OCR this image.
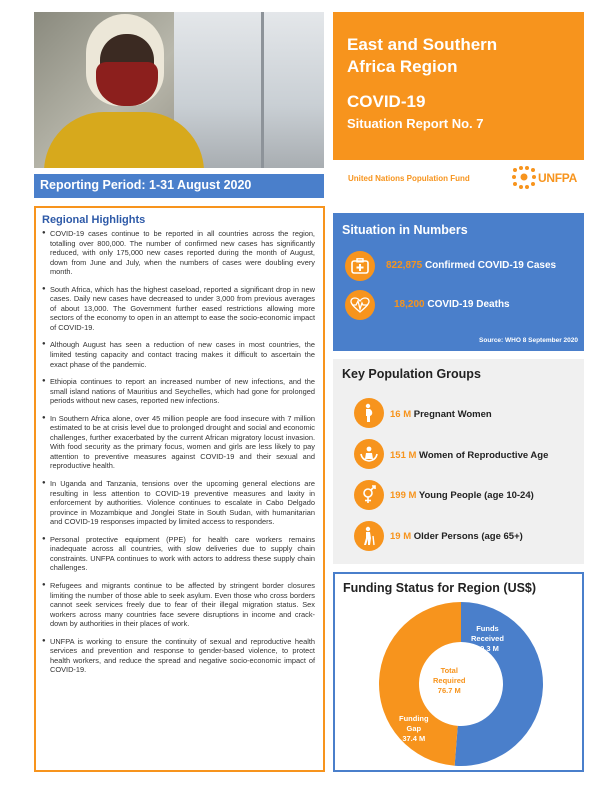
East and Southern
Africa Region
COVID-19
Situation Report No. 7
Reporting Period: 1-31 August 2020	United Nations Population Fund	UNFPA
Regional Highlights
● COVID-19 cases continue to be reported in all countries across the region, totalling over 800,000. The number of confirmed new cases has significantly reduced, with only 175,000 new cases reported during the month of August, down from June and July, when the numbers of cases were doubling every month.
● South Africa, which has the highest caseload, reported a significant drop in new cases. Daily new cases have decreased to under 3,000 from previous averages of about 13,000. The Government further eased restrictions allowing more sectors of the economy to open in an attempt to ease the socio-economic impact of COVID-19.
● Although August has seen a reduction of new cases in most countries, the limited testing capacity and contact tracing makes it difficult to ascertain the exact phase of the pandemic.
● Ethiopia continues to report an increased number of new infections, and the small island nations of Mauritius and Seychelles, which had gone for prolonged periods without new cases, reported new infections.
● In Southern Africa alone, over 45 million people are food insecure with 7 million estimated to be at crisis level due to prolonged drought and social and economic challenges, further exacerbated by the current African migratory locust invasion. With food security as the primary focus, women and girls are less likely to pay attention to preventive measures against COVID-19 and their sexual and reproductive health.
● In Uganda and Tanzania, tensions over the upcoming general elections are resulting in less attention to COVID-19 preventive measures and laxity in enforcement by authorities. Violence continues to escalate in Cabo Delgado province in Mozambique and Jonglei State in South Sudan, with humanitarian and COVID-19 responses impacted by limited access to responders.
● Personal protective equipment (PPE) for health care workers remains inadequate across all countries, with slow deliveries due to supply chain constraints. UNFPA continues to work with actors to address these supply chain challenges.
● Refugees and migrants continue to be affected by stringent border closures limiting the number of those able to seek asylum. Even those who cross borders cannot seek services freely due to fear of their illegal migration status. Sex workers across many countries face severe disruptions in income and crack-down by authorities in their places of work.
● UNFPA is working to ensure the continuity of sexual and reproductive health services and prevention and response to gender-based violence, to protect health workers, and reduce the spread and negative socio-economic impact of COVID-19.
Situation in Numbers
822,875 Confirmed COVID-19 Cases
18,200 COVID-19 Deaths
Source: WHO 8 September 2020
Key Population Groups
16 M Pregnant Women
151 M Women of Reproductive Age
199 M Young People (age 10-24)
19 M Older Persons (age 65+)
Funding Status for Region (US$)
Funds
Received
39.3 M
Total
Required
76.7 M
Funding
Gap
37.4 M
